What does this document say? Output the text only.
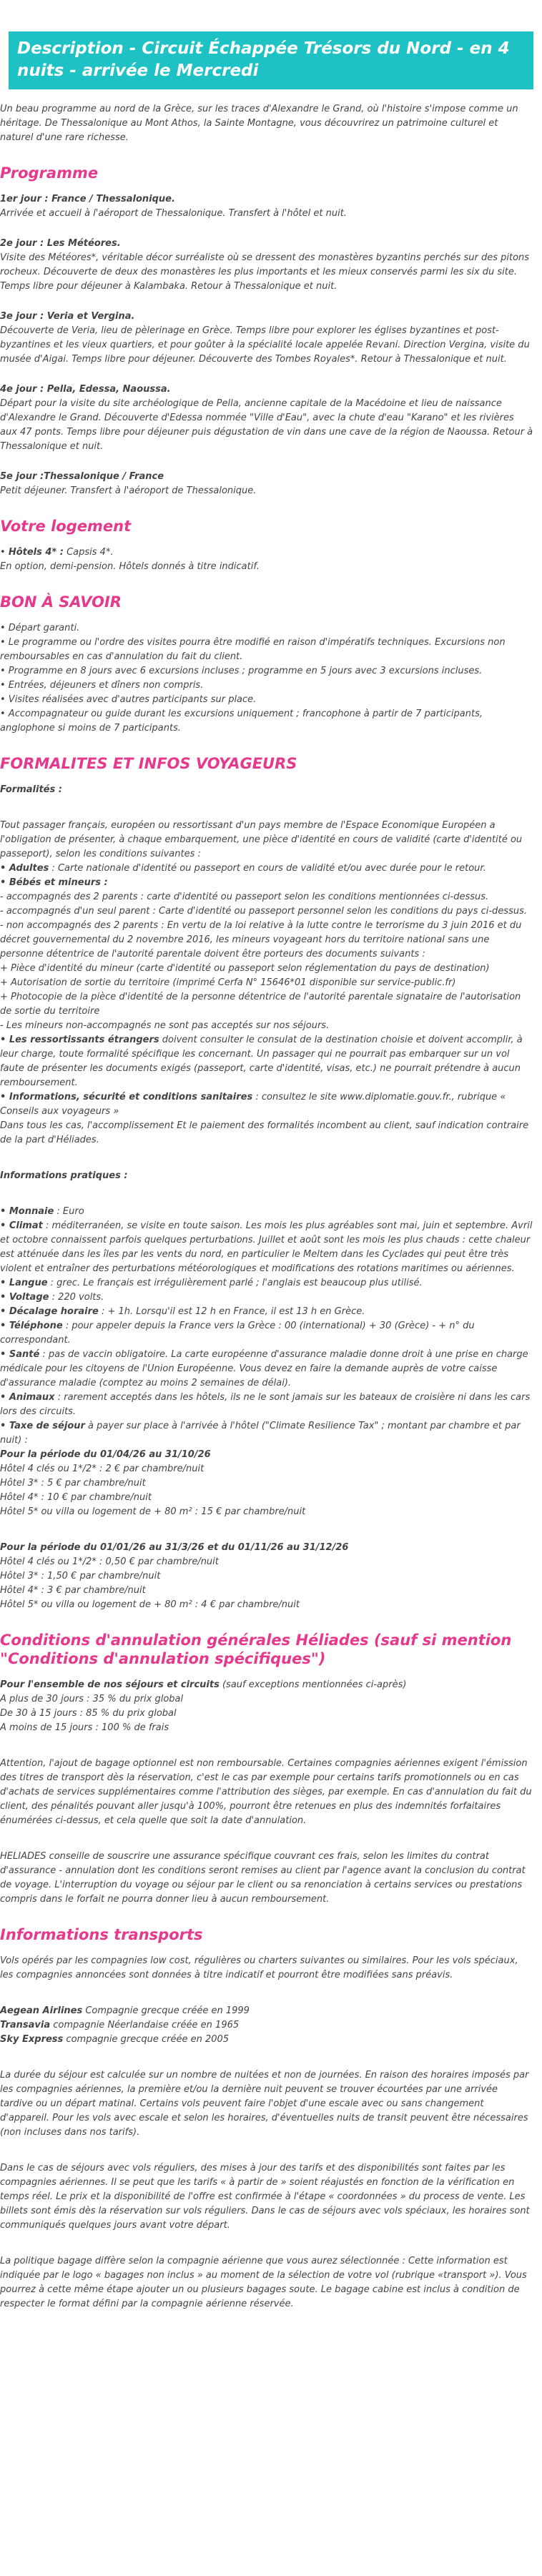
Description - Circuit Échappée Trésors du Nord - en 4 nuits - arrivée le Mercredi

Un beau programme au nord de la Grèce, sur les traces d'Alexandre le Grand, où l'histoire s'impose comme un héritage. De Thessalonique au Mont Athos, la Sainte Montagne, vous découvrirez un patrimoine culturel et naturel d'une rare richesse.

Programme

1er jour : France / Thessalonique.
Arrivée et accueil à l'aéroport de Thessalonique. Transfert à l'hôtel et nuit.

2e jour : Les Météores.
Visite des Météores*, véritable décor surréaliste où se dressent des monastères byzantins perchés sur des pitons rocheux. Découverte de deux des monastères les plus importants et les mieux conservés parmi les six du site. Temps libre pour déjeuner à Kalambaka. Retour à Thessalonique et nuit.

3e jour : Veria et Vergina.
Découverte de Veria, lieu de pèlerinage en Grèce. Temps libre pour explorer les églises byzantines et post-byzantines et les vieux quartiers, et pour goûter à la spécialité locale appelée Revani. Direction Vergina, visite du musée d'Aigai. Temps libre pour déjeuner. Découverte des Tombes Royales*. Retour à Thessalonique et nuit.

4e jour : Pella, Edessa, Naoussa.
Départ pour la visite du site archéologique de Pella, ancienne capitale de la Macédoine et lieu de naissance d'Alexandre le Grand. Découverte d'Edessa nommée "Ville d'Eau", avec la chute d'eau "Karano" et les rivières aux 47 ponts. Temps libre pour déjeuner puis dégustation de vin dans une cave de la région de Naoussa. Retour à Thessalonique et nuit.

5e jour :Thessalonique / France
Petit déjeuner. Transfert à l'aéroport de Thessalonique.

Votre logement

• Hôtels 4* : Capsis 4*.
En option, demi-pension. Hôtels donnés à titre indicatif.

BON À SAVOIR
• Départ garanti.
• Le programme ou l'ordre des visites pourra être modifié en raison d'impératifs techniques. Excursions non remboursables en cas d'annulation du fait du client.
• Programme en 8 jours avec 6 excursions incluses ; programme en 5 jours avec 3 excursions incluses.
• Entrées, déjeuners et dîners non compris.
• Visites réalisées avec d'autres participants sur place.
• Accompagnateur ou guide durant les excursions uniquement ; francophone à partir de 7 participants, anglophone si moins de 7 participants.
FORMALITES ET INFOS VOYAGEURS

Formalités :

Tout passager français, européen ou ressortissant d'un pays membre de l'Espace Economique Européen a l'obligation de présenter, à chaque embarquement, une pièce d'identité en cours de validité (carte d'identité ou passeport), selon les conditions suivantes :
• Adultes : Carte nationale d'identité ou passeport en cours de validité et/ou avec durée pour le retour.
• Bébés et mineurs :
- accompagnés des 2 parents : carte d'identité ou passeport selon les conditions mentionnées ci-dessus.
- accompagnés d'un seul parent : Carte d'identité ou passeport personnel selon les conditions du pays ci-dessus.
- non accompagnés des 2 parents : En vertu de la loi relative à la lutte contre le terrorisme du 3 juin 2016 et du décret gouvernemental du 2 novembre 2016, les mineurs voyageant hors du territoire national sans une personne détentrice de l'autorité parentale doivent être porteurs des documents suivants :
+ Pièce d'identité du mineur (carte d'identité ou passeport selon réglementation du pays de destination)
+ Autorisation de sortie du territoire (imprimé Cerfa N° 15646*01 disponible sur service-public.fr)
+ Photocopie de la pièce d'identité de la personne détentrice de l'autorité parentale signataire de l'autorisation de sortie du territoire
- Les mineurs non-accompagnés ne sont pas acceptés sur nos séjours.
• Les ressortissants étrangers doivent consulter le consulat de la destination choisie et doivent accomplir, à leur charge, toute formalité spécifique les concernant. Un passager qui ne pourrait pas embarquer sur un vol faute de présenter les documents exigés (passeport, carte d'identité, visas, etc.) ne pourrait prétendre à aucun remboursement.
• Informations, sécurité et conditions sanitaires : consultez le site www.diplomatie.gouv.fr., rubrique « Conseils aux voyageurs »
Dans tous les cas, l'accomplissement Et le paiement des formalités incombent au client, sauf indication contraire de la part d'Héliades.

Informations pratiques :

• Monnaie : Euro
• Climat : méditerranéen, se visite en toute saison. Les mois les plus agréables sont mai, juin et septembre. Avril et octobre connaissent parfois quelques perturbations. Juillet et août sont les mois les plus chauds : cette chaleur est atténuée dans les îles par les vents du nord, en particulier le Meltem dans les Cyclades qui peut être très violent et entraîner des perturbations météorologiques et modifications des rotations maritimes ou aériennes.
• Langue : grec. Le français est irrégulièrement parlé ; l'anglais est beaucoup plus utilisé.
• Voltage : 220 volts.
• Décalage horaire : + 1h. Lorsqu'il est 12 h en France, il est 13 h en Grèce.
• Téléphone : pour appeler depuis la France vers la Grèce : 00 (international) + 30 (Grèce) - + n° du correspondant.
• Santé : pas de vaccin obligatoire. La carte européenne d'assurance maladie donne droit à une prise en charge médicale pour les citoyens de l'Union Européenne. Vous devez en faire la demande auprès de votre caisse d'assurance maladie (comptez au moins 2 semaines de délai).
• Animaux : rarement acceptés dans les hôtels, ils ne le sont jamais sur les bateaux de croisière ni dans les cars lors des circuits.
• Taxe de séjour à payer sur place à l'arrivée à l'hôtel ("Climate Resilience Tax" ; montant par chambre et par nuit) :
Pour la période du 01/04/26 au 31/10/26
Hôtel 4 clés ou 1*/2* : 2 € par chambre/nuit
Hôtel 3* : 5 € par chambre/nuit
Hôtel 4* : 10 € par chambre/nuit
Hôtel 5* ou villa ou logement de + 80 m² : 15 € par chambre/nuit
Pour la période du 01/01/26 au 31/3/26 et du 01/11/26 au 31/12/26
Hôtel 4 clés ou 1*/2* : 0,50 € par chambre/nuit
Hôtel 3* : 1,50 € par chambre/nuit
Hôtel 4* : 3 € par chambre/nuit
Hôtel 5* ou villa ou logement de + 80 m² : 4 € par chambre/nuit
Conditions d'annulation générales Héliades (sauf si mention "Conditions d'annulation spécifiques")
Pour l'ensemble de nos séjours et circuits (sauf exceptions mentionnées ci-après)
A plus de 30 jours : 35 % du prix global
De 30 à 15 jours : 85 % du prix global
A moins de 15 jours : 100 % de frais

Attention, l'ajout de bagage optionnel est non remboursable. Certaines compagnies aériennes exigent l'émission des titres de transport dès la réservation, c'est le cas par exemple pour certains tarifs promotionnels ou en cas d'achats de services supplémentaires comme l'attribution des sièges, par exemple. En cas d'annulation du fait du client, des pénalités pouvant aller jusqu'à 100%, pourront être retenues en plus des indemnités forfaitaires énumérées ci-dessus, et cela quelle que soit la date d'annulation.

HELIADES conseille de souscrire une assurance spécifique couvrant ces frais, selon les limites du contrat d'assurance - annulation dont les conditions seront remises au client par l'agence avant la conclusion du contrat de voyage. L'interruption du voyage ou séjour par le client ou sa renonciation à certains services ou prestations compris dans le forfait ne pourra donner lieu à aucun remboursement.

Informations transports

Vols opérés par les compagnies low cost, régulières ou charters suivantes ou similaires. Pour les vols spéciaux, les compagnies annoncées sont données à titre indicatif et pourront être modifiées sans préavis.

Aegean Airlines Compagnie grecque créée en 1999
Transavia compagnie Néerlandaise créée en 1965
Sky Express compagnie grecque créée en 2005

La durée du séjour est calculée sur un nombre de nuitées et non de journées. En raison des horaires imposés par les compagnies aériennes, la première et/ou la dernière nuit peuvent se trouver écourtées par une arrivée tardive ou un départ matinal. Certains vols peuvent faire l'objet d'une escale avec ou sans changement d'appareil. Pour les vols avec escale et selon les horaires, d'éventuelles nuits de transit peuvent être nécessaires (non incluses dans nos tarifs).

Dans le cas de séjours avec vols réguliers, des mises à jour des tarifs et des disponibilités sont faites par les compagnies aériennes. Il se peut que les tarifs « à partir de » soient réajustés en fonction de la vérification en temps réel. Le prix et la disponibilité de l'offre est confirmée à l'étape « coordonnées » du process de vente. Les billets sont émis dès la réservation sur vols réguliers. Dans le cas de séjours avec vols spéciaux, les horaires sont communiqués quelques jours avant votre départ.

La politique bagage diffère selon la compagnie aérienne que vous aurez sélectionnée : Cette information est indiquée par le logo « bagages non inclus » au moment de la sélection de votre vol (rubrique «transport »). Vous pourrez à cette même étape ajouter un ou plusieurs bagages soute. Le bagage cabine est inclus à condition de respecter le format défini par la compagnie aérienne réservée.
